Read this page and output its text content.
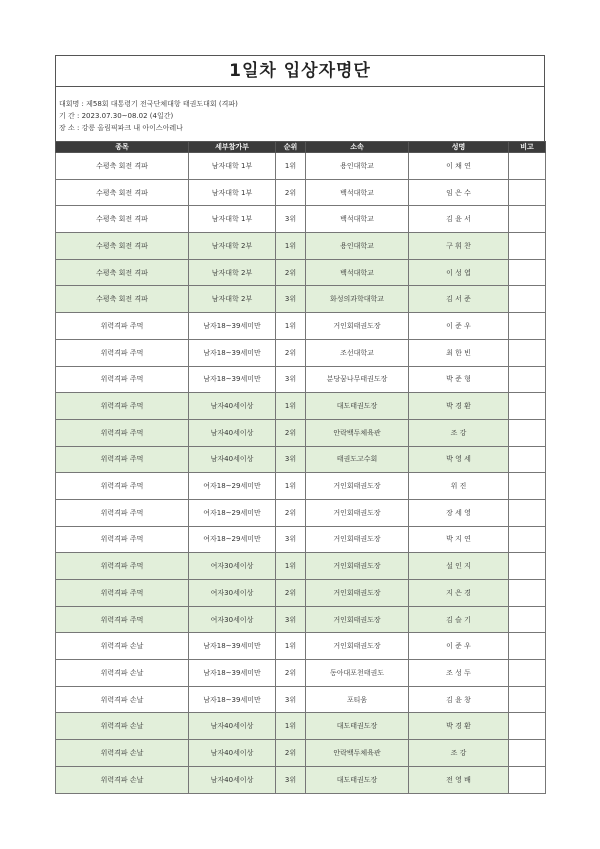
1일차 입상자명단
대회명 : 제58회 대통령기 전국단체대항 태권도대회 (격파)
기 간 : 2023.07.30~08.02 (4일간)
장 소 : 강릉 올림픽파크 내 아이스아레나
종목	세부참가부	순위	소속	성명	비고
수평축 회전 격파	남자대학 1부	1위	용인대학교	이 채 연	
수평축 회전 격파	남자대학 1부	2위	백석대학교	임 은 수	
수평축 회전 격파	남자대학 1부	3위	백석대학교	김 윤 서	
수평축 회전 격파	남자대학 2부	1위	용인대학교	구 휘 찬	
수평축 회전 격파	남자대학 2부	2위	백석대학교	이 성 엽	
수평축 회전 격파	남자대학 2부	3위	화성의과학대학교	김 서 준	
위력격파 주먹	남자18~39세미만	1위	거인회태권도장	이 준 우	
위력격파 주먹	남자18~39세미만	2위	조선대학교	최 한 빈	
위력격파 주먹	남자18~39세미만	3위	분당꿈나무태권도장	박 준 형	
위력격파 주먹	남자40세이상	1위	대도태권도장	박 경 환	
위력격파 주먹	남자40세이상	2위	안락백두체육관	조 강	
위력격파 주먹	남자40세이상	3위	태권도고수회	박 영 세	
위력격파 주먹	여자18~29세미만	1위	거인회태권도장	위 진	
위력격파 주먹	여자18~29세미만	2위	거인회태권도장	장 세 영	
위력격파 주먹	여자18~29세미만	3위	거인회태권도장	박 지 연	
위력격파 주먹	여자30세이상	1위	거인회태권도장	설 인 지	
위력격파 주먹	여자30세이상	2위	거인회태권도장	지 은 경	
위력격파 주먹	여자30세이상	3위	거인회태권도장	김 슬 기	
위력격파 손날	남자18~39세미만	1위	거인회태권도장	이 준 우	
위력격파 손날	남자18~39세미만	2위	동아대포천태권도	조 성 두	
위력격파 손날	남자18~39세미만	3위	포티움	김 윤 창	
위력격파 손날	남자40세이상	1위	대도태권도장	박 경 환	
위력격파 손날	남자40세이상	2위	안락백두체육관	조 강	
위력격파 손날	남자40세이상	3위	대도태권도장	전 영 배	
